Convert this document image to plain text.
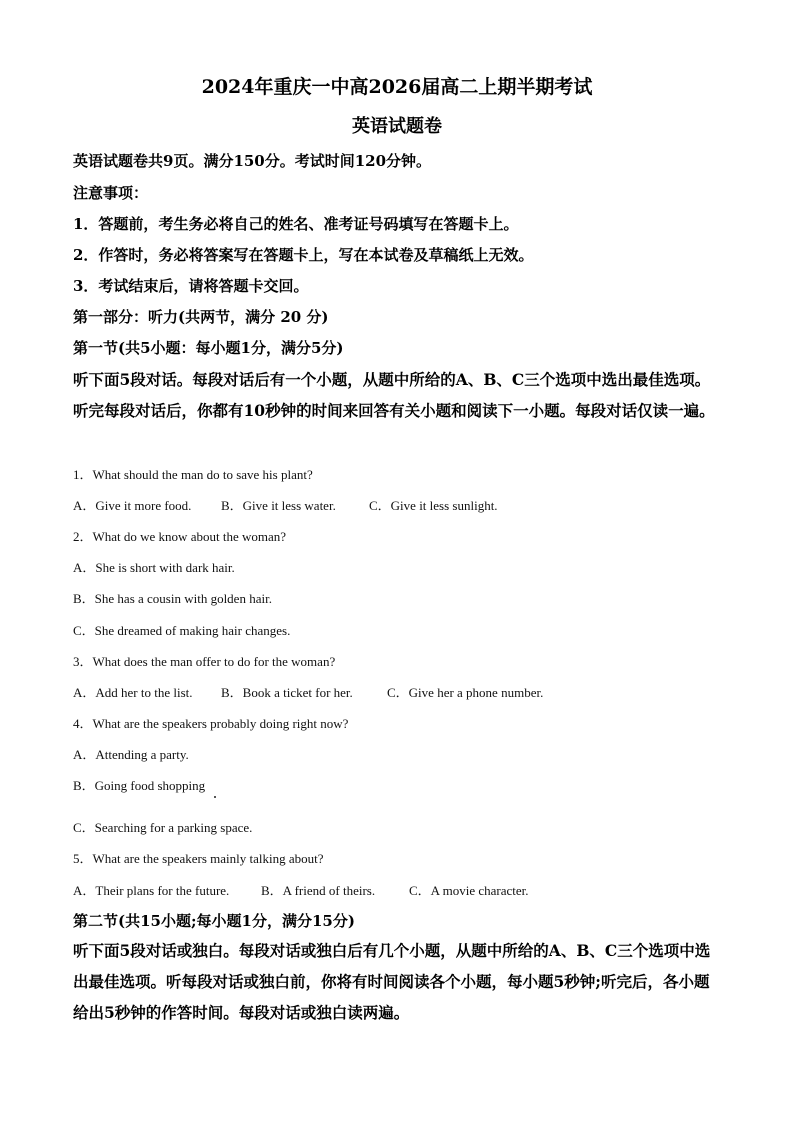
2024年重庆一中高2026届高二上期半期考试
英语试题卷
英语试题卷共9页。满分150分。考试时间120分钟。
注意事项：
1．答题前，考生务必将自己的姓名、准考证号码填写在答题卡上。
2．作答时，务必将答案写在答题卡上，写在本试卷及草稿纸上无效。
3．考试结束后，请将答题卡交回。
第一部分：听力(共两节，满分 20 分)
第一节(共5小题：每小题1分，满分5分)

听下面5段对话。每段对话后有一个小题，从题中所给的A、B、C三个选项中选出最佳选项。听完每段对话后，你都有10秒钟的时间来回答有关小题和阅读下一小题。每段对话仅读一遍。

1．What should the man do to save his plant?
A．Give it more food. B．Give it less water.	C．Give it less sunlight.
2．What do we know about the woman?
A．She is short with dark hair.
B．She has a cousin with golden hair.
C．She dreamed of making hair changes.
3．What does the man offer to do for the woman?
A．Add her to the list. B．Book a ticket for her.	C．Give her a phone number.
4．What are the speakers probably doing right now?
A．Attending a party.
B．Going food shopping
C．Searching for a parking space.
5．What are the speakers mainly talking about?
A．Their plans for the future. B．A friend of theirs.	C．A movie character.
第二节(共15小题;每小题1分，满分15分)

听下面5段对话或独白。每段对话或独白后有几个小题，从题中所给的A、B、C三个选项中选出最佳选项。听每段对话或独白前，你将有时间阅读各个小题，每小题5秒钟;听完后，各小题给出5秒钟的作答时间。每段对话或独白读两遍。
